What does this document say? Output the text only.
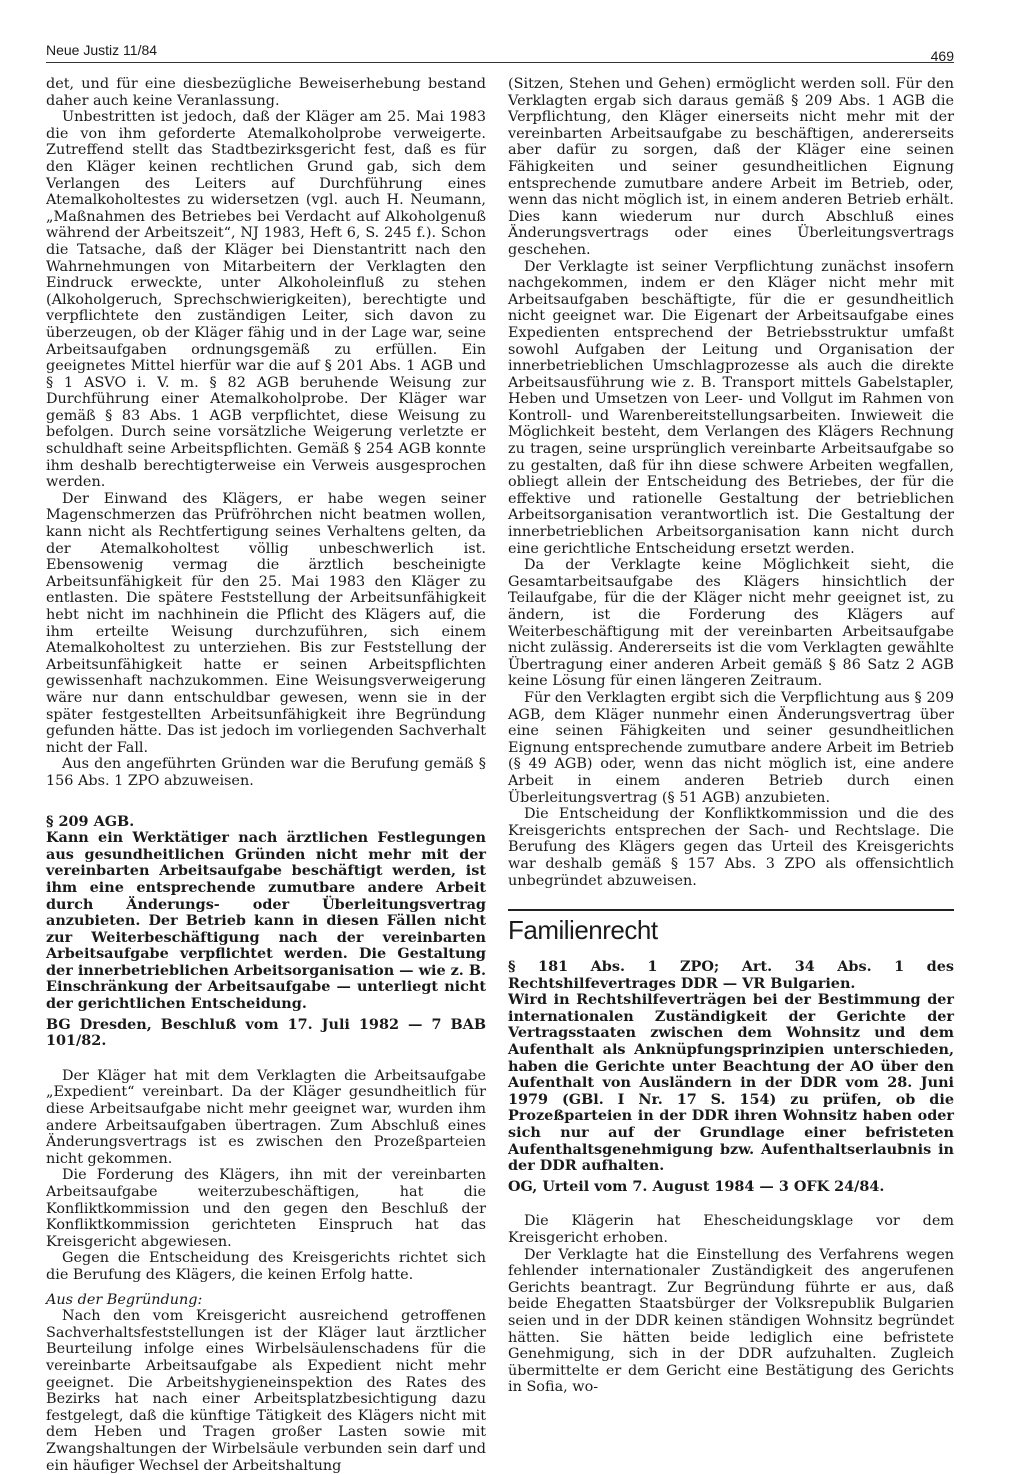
Neue Justiz 11/84	469

det, und für eine diesbezügliche Beweiserhebung bestand daher auch keine Veranlassung.

Unbestritten ist jedoch, daß der Kläger am 25. Mai 1983 die von ihm geforderte Atemalkoholprobe verweigerte. Zutreffend stellt das Stadtbezirksgericht fest, daß es für den Kläger keinen rechtlichen Grund gab, sich dem Verlangen des Leiters auf Durchführung eines Atemalkoholtestes zu widersetzen (vgl. auch H. Neumann, „Maßnahmen des Betriebes bei Verdacht auf Alkoholgenuß während der Arbeitszeit“, NJ 1983, Heft 6, S. 245 f.). Schon die Tatsache, daß der Kläger bei Dienstantritt nach den Wahrnehmungen von Mitarbeitern der Verklagten den Eindruck erweckte, unter Alkoholeinfluß zu stehen (Alkoholgeruch, Sprechschwierigkeiten), berechtigte und verpflichtete den zuständigen Leiter, sich davon zu überzeugen, ob der Kläger fähig und in der Lage war, seine Arbeitsaufgaben ordnungsgemäß zu erfüllen. Ein geeignetes Mittel hierfür war die auf § 201 Abs. 1 AGB und § 1 ASVO i. V. m. § 82 AGB beruhende Weisung zur Durchführung einer Atemalkoholprobe. Der Kläger war gemäß § 83 Abs. 1 AGB verpflichtet, diese Weisung zu befolgen. Durch seine vorsätzliche Weigerung verletzte er schuldhaft seine Arbeitspflichten. Gemäß § 254 AGB konnte ihm deshalb berechtigterweise ein Verweis ausgesprochen werden.

Der Einwand des Klägers, er habe wegen seiner Magenschmerzen das Prüfröhrchen nicht beatmen wollen, kann nicht als Rechtfertigung seines Verhaltens gelten, da der Atemalkoholtest völlig unbeschwerlich ist. Ebensowenig vermag die ärztlich bescheinigte Arbeitsunfähigkeit für den 25. Mai 1983 den Kläger zu entlasten. Die spätere Feststellung der Arbeitsunfähigkeit hebt nicht im nachhinein die Pflicht des Klägers auf, die ihm erteilte Weisung durchzuführen, sich einem Atemalkoholtest zu unterziehen. Bis zur Feststellung der Arbeitsunfähigkeit hatte er seinen Arbeitspflichten gewissenhaft nachzukommen. Eine Weisungsverweigerung wäre nur dann entschuldbar gewesen, wenn sie in der später festgestellten Arbeitsunfähigkeit ihre Begründung gefunden hätte. Das ist jedoch im vorliegenden Sachverhalt nicht der Fall.

Aus den angeführten Gründen war die Berufung gemäß § 156 Abs. 1 ZPO abzuweisen.

§ 209 AGB.

Kann ein Werktätiger nach ärztlichen Festlegungen aus gesundheitlichen Gründen nicht mehr mit der vereinbarten Arbeitsaufgabe beschäftigt werden, ist ihm eine entsprechende zumutbare andere Arbeit durch Änderungs- oder Überleitungsvertrag anzubieten. Der Betrieb kann in diesen Fällen nicht zur Weiterbeschäftigung nach der vereinbarten Arbeitsaufgabe verpflichtet werden. Die Gestaltung der innerbetrieblichen Arbeitsorganisation — wie z. B. Einschränkung der Arbeitsaufgabe — unterliegt nicht der gerichtlichen Entscheidung.

BG Dresden, Beschluß vom 17. Juli 1982 — 7 BAB 101/82.

Der Kläger hat mit dem Verklagten die Arbeitsaufgabe „Expedient“ vereinbart. Da der Kläger gesundheitlich für diese Arbeitsaufgabe nicht mehr geeignet war, wurden ihm andere Arbeitsaufgaben übertragen. Zum Abschluß eines Änderungsvertrags ist es zwischen den Prozeßparteien nicht gekommen.

Die Forderung des Klägers, ihn mit der vereinbarten Arbeitsaufgabe weiterzubeschäftigen, hat die Konfliktkommission und den gegen den Beschluß der Konfliktkommission gerichteten Einspruch hat das Kreisgericht abgewiesen.

Gegen die Entscheidung des Kreisgerichts richtet sich die Berufung des Klägers, die keinen Erfolg hatte.

Aus der Begründung:

Nach den vom Kreisgericht ausreichend getroffenen Sachverhaltsfeststellungen ist der Kläger laut ärztlicher Beurteilung infolge eines Wirbelsäulenschadens für die vereinbarte Arbeitsaufgabe als Expedient nicht mehr geeignet. Die Arbeitshygieneinspektion des Rates des Bezirks hat nach einer Arbeitsplatzbesichtigung dazu festgelegt, daß die künftige Tätigkeit des Klägers nicht mit dem Heben und Tragen großer Lasten sowie mit Zwangshaltungen der Wirbelsäule verbunden sein darf und ein häufiger Wechsel der Arbeitshaltung

(Sitzen, Stehen und Gehen) ermöglicht werden soll. Für den Verklagten ergab sich daraus gemäß § 209 Abs. 1 AGB die Verpflichtung, den Kläger einerseits nicht mehr mit der vereinbarten Arbeitsaufgabe zu beschäftigen, andererseits aber dafür zu sorgen, daß der Kläger eine seinen Fähigkeiten und seiner gesundheitlichen Eignung entsprechende zumutbare andere Arbeit im Betrieb, oder, wenn das nicht möglich ist, in einem anderen Betrieb erhält. Dies kann wiederum nur durch Abschluß eines Änderungsvertrags oder eines Überleitungsvertrags geschehen.

Der Verklagte ist seiner Verpflichtung zunächst insofern nachgekommen, indem er den Kläger nicht mehr mit Arbeitsaufgaben beschäftigte, für die er gesundheitlich nicht geeignet war. Die Eigenart der Arbeitsaufgabe eines Expedienten entsprechend der Betriebsstruktur umfaßt sowohl Aufgaben der Leitung und Organisation der innerbetrieblichen Umschlagprozesse als auch die direkte Arbeitsausführung wie z. B. Transport mittels Gabelstapler, Heben und Umsetzen von Leer- und Vollgut im Rahmen von Kontroll- und Warenbereitstellungsarbeiten. Inwieweit die Möglichkeit besteht, dem Verlangen des Klägers Rechnung zu tragen, seine ursprünglich vereinbarte Arbeitsaufgabe so zu gestalten, daß für ihn diese schwere Arbeiten wegfallen, obliegt allein der Entscheidung des Betriebes, der für die effektive und rationelle Gestaltung der betrieblichen Arbeitsorganisation verantwortlich ist. Die Gestaltung der innerbetrieblichen Arbeitsorganisation kann nicht durch eine gerichtliche Entscheidung ersetzt werden.

Da der Verklagte keine Möglichkeit sieht, die Gesamtarbeitsaufgabe des Klägers hinsichtlich der Teilaufgabe, für die der Kläger nicht mehr geeignet ist, zu ändern, ist die Forderung des Klägers auf Weiterbeschäftigung mit der vereinbarten Arbeitsaufgabe nicht zulässig. Andererseits ist die vom Verklagten gewählte Übertragung einer anderen Arbeit gemäß § 86 Satz 2 AGB keine Lösung für einen längeren Zeitraum.

Für den Verklagten ergibt sich die Verpflichtung aus § 209 AGB, dem Kläger nunmehr einen Änderungsvertrag über eine seinen Fähigkeiten und seiner gesundheitlichen Eignung entsprechende zumutbare andere Arbeit im Betrieb (§ 49 AGB) oder, wenn das nicht möglich ist, eine andere Arbeit in einem anderen Betrieb durch einen Überleitungsvertrag (§ 51 AGB) anzubieten.

Die Entscheidung der Konfliktkommission und die des Kreisgerichts entsprechen der Sach- und Rechtslage. Die Berufung des Klägers gegen das Urteil des Kreisgerichts war deshalb gemäß § 157 Abs. 3 ZPO als offensichtlich unbegründet abzuweisen.

Familienrecht

§ 181 Abs. 1 ZPO; Art. 34 Abs. 1 des Rechtshilfevertrages DDR — VR Bulgarien.

Wird in Rechtshilfeverträgen bei der Bestimmung der internationalen Zuständigkeit der Gerichte der Vertragsstaaten zwischen dem Wohnsitz und dem Aufenthalt als Anknüpfungsprinzipien unterschieden, haben die Gerichte unter Beachtung der AO über den Aufenthalt von Ausländern in der DDR vom 28. Juni 1979 (GBl. I Nr. 17 S. 154) zu prüfen, ob die Prozeßparteien in der DDR ihren Wohnsitz haben oder sich nur auf der Grundlage einer befristeten Aufenthaltsgenehmigung bzw. Aufenthaltserlaubnis in der DDR aufhalten.

OG, Urteil vom 7. August 1984 — 3 OFK 24/84.

Die Klägerin hat Ehescheidungsklage vor dem Kreisgericht erhoben.

Der Verklagte hat die Einstellung des Verfahrens wegen fehlender internationaler Zuständigkeit des angerufenen Gerichts beantragt. Zur Begründung führte er aus, daß beide Ehegatten Staatsbürger der Volksrepublik Bulgarien seien und in der DDR keinen ständigen Wohnsitz begründet hätten. Sie hätten beide lediglich eine befristete Genehmigung, sich in der DDR aufzuhalten. Zugleich übermittelte er dem Gericht eine Bestätigung des Gerichts in Sofia, wo-
